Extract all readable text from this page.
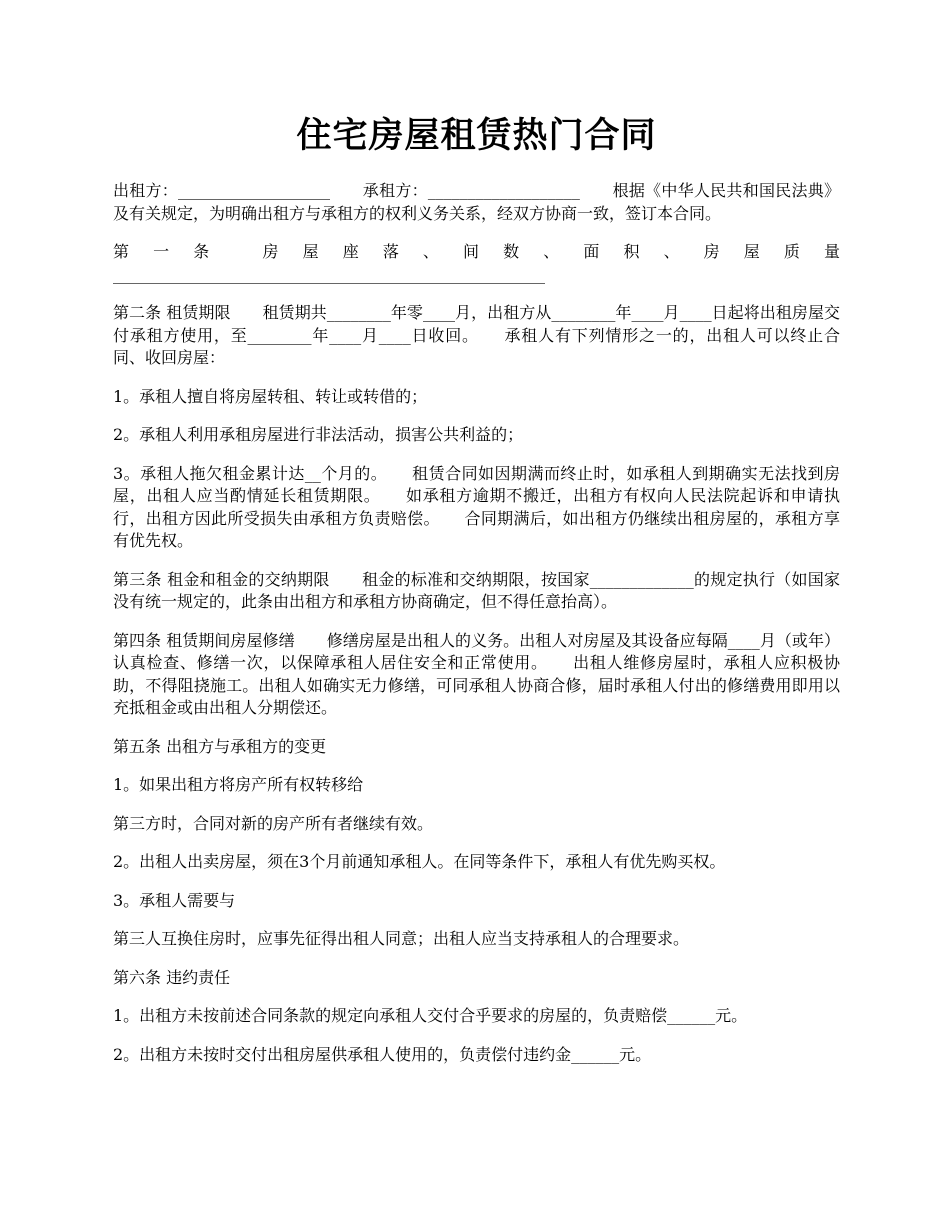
住宅房屋租赁热门合同

出租方：___________________　　承租方：___________________　　根据《中华人民共和国民法典》及有关规定，为明确出租方与承租方的权利义务关系，经双方协商一致，签订本合同。

第一条 房屋座落、间数、面积、房屋质量　　______________________________________________________

第二条 租赁期限　　租赁期共________年零____月，出租方从________年____月____日起将出租房屋交付承租方使用，至________年____月____日收回。　　承租人有下列情形之一的，出租人可以终止合同、收回房屋：

1。承租人擅自将房屋转租、转让或转借的；

2。承租人利用承租房屋进行非法活动，损害公共利益的；

3。承租人拖欠租金累计达__个月的。　　租赁合同如因期满而终止时，如承租人到期确实无法找到房屋，出租人应当酌情延长租赁期限。　　如承租方逾期不搬迁，出租方有权向人民法院起诉和申请执行，出租方因此所受损失由承租方负责赔偿。　　合同期满后，如出租方仍继续出租房屋的，承租方享有优先权。

第三条 租金和租金的交纳期限　　租金的标准和交纳期限，按国家_____________的规定执行（如国家没有统一规定的，此条由出租方和承租方协商确定，但不得任意抬高）。

第四条 租赁期间房屋修缮　　修缮房屋是出租人的义务。出租人对房屋及其设备应每隔____月（或年）认真检查、修缮一次，以保障承租人居住安全和正常使用。　　出租人维修房屋时，承租人应积极协助，不得阻挠施工。出租人如确实无力修缮，可同承租人协商合修，届时承租人付出的修缮费用即用以充抵租金或由出租人分期偿还。

第五条 出租方与承租方的变更

1。如果出租方将房产所有权转移给

第三方时，合同对新的房产所有者继续有效。

2。出租人出卖房屋，须在3个月前通知承租人。在同等条件下，承租人有优先购买权。

3。承租人需要与

第三人互换住房时，应事先征得出租人同意；出租人应当支持承租人的合理要求。

第六条 违约责任

1。出租方未按前述合同条款的规定向承租人交付合乎要求的房屋的，负责赔偿______元。

2。出租方未按时交付出租房屋供承租人使用的，负责偿付违约金______元。
